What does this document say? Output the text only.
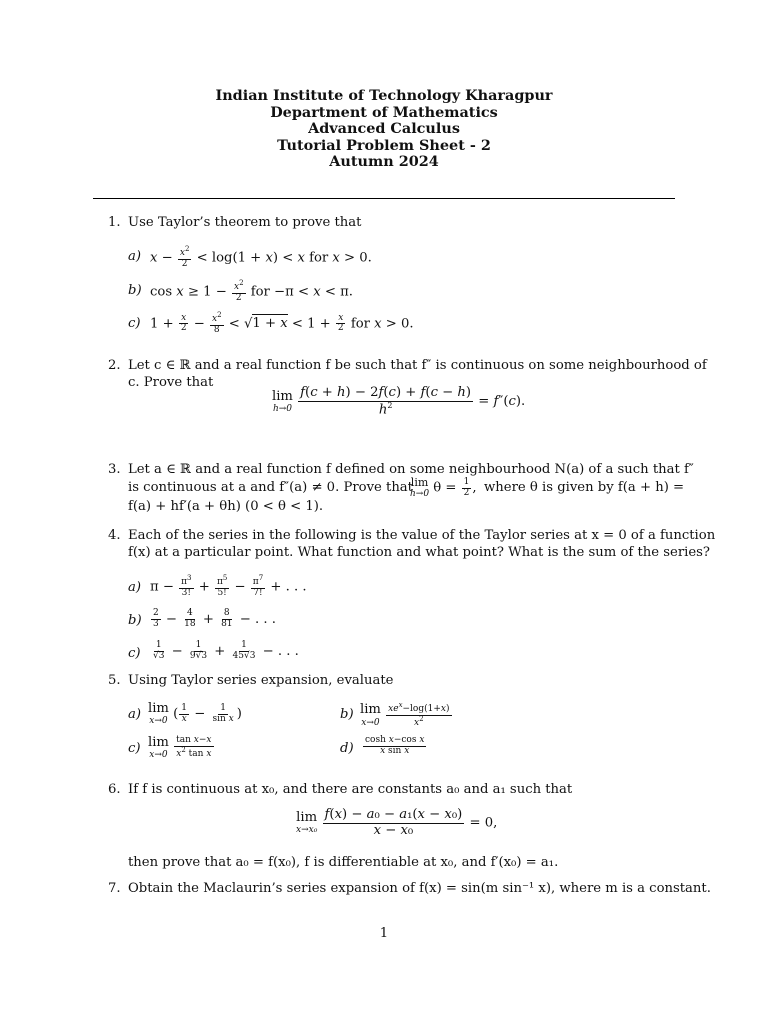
Indian Institute of Technology Kharagpur
Department of Mathematics
Advanced Calculus
Tutorial Problem Sheet - 2
Autumn 2024
1. Use Taylor’s theorem to prove that
a) $x - \frac{x^2}{2} < \log(1 + x) < x$ for x > 0.
b) $\cos x \ge 1 - \frac{x^2}{2}$ for −π < x < π.
c) $1 + \frac{x}{2} - \frac{x^2}{8} < √1 + x < 1 + \frac{x}{2}$ for x > 0.
2. Let c ∈ ℝ and a real function f be such that f″ is continuous on some neighbourhood of
c. Prove that
lim
h→0
$\frac{f(c + h) - 2f(c) + f(c - h)}{h^2} = f''(c)$.
3. Let a ∈ ℝ and a real function f defined on some neighbourhood N(a) of a such that f″
is continuous at a and f″(a) ≠ 0. Prove that
lim
h→0 $\theta = \frac{1}{2}$ , where θ is given by f(a + h) =
f(a) + hf′(a + θh) (0 < θ < 1).
4. Each of the series in the following is the value of the Taylor series at x = 0 of a function
f(x) at a particular point. What function and what point? What is the sum of the series?
a) $\pi - \frac{\pi^3}{3!} + \frac{\pi^5}{5!} - \frac{\pi^7}{7!}$ + . . .
$b) \frac{2}{3} - \frac{4}{18} + \frac{8}{81}$ − . . .
$c) \frac{1}{√3} - \frac{1}{9√3} + \frac{1}{45√3}$ − . . .
5. Using Taylor series expansion, evaluate
a) lim
x→0 ( $\frac{1}{x} - \frac{1}{\text{sin x}}$ )	b) lim
x→0
$\frac{xe^x-\log(1+x)}{x^2}$
c) lim
x→0
$\frac{\text{tan x−x}}{x^2 \tan x}$	$d) \frac{\text{cosh x−cos x}}{\text{x sin x}}$
6. If f is continuous at x₀, and there are constants a₀ and a₁ such that
lim
x→x₀
$\frac{\text{f(x) − a₀ − a₁(x − x₀)}}{\text{x − x₀}} = 0$,
then prove that a₀ = f(x₀), f is differentiable at x₀, and f′(x₀) = a₁.
7. Obtain the Maclaurin’s series expansion of f(x) = sin(m sin⁻¹ x), where m is a constant.
1
